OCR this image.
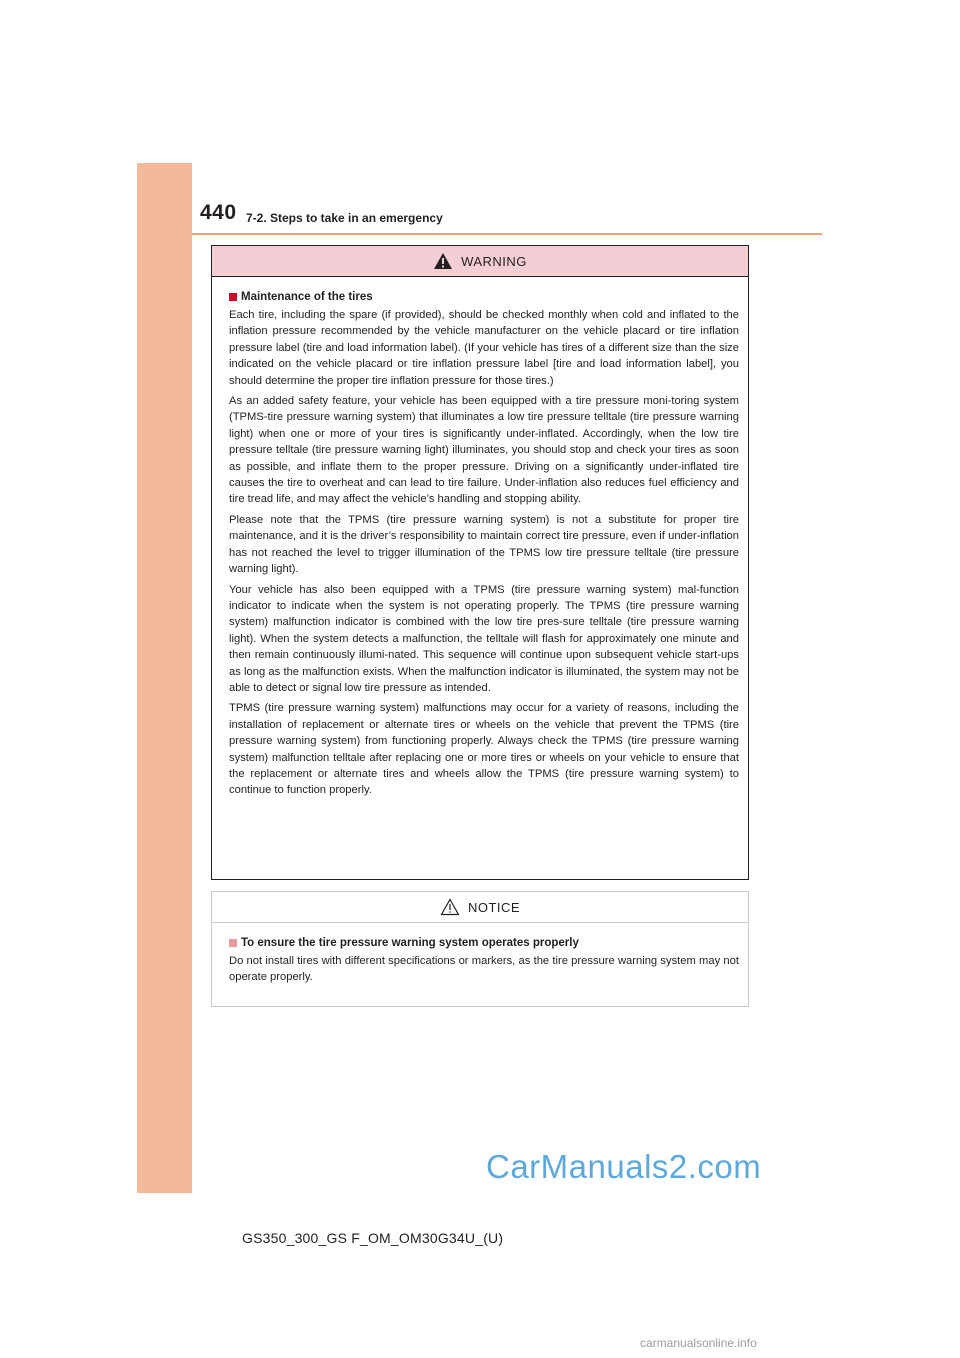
440 7-2. Steps to take in an emergency
WARNING
Maintenance of the tires

Each tire, including the spare (if provided), should be checked monthly when cold and inflated to the inflation pressure recommended by the vehicle manufacturer on the vehicle placard or tire inflation pressure label (tire and load information label). (If your vehicle has tires of a different size than the size indicated on the vehicle placard or tire inflation pressure label [tire and load information label], you should determine the proper tire inflation pressure for those tires.)

As an added safety feature, your vehicle has been equipped with a tire pressure moni-toring system (TPMS-tire pressure warning system) that illuminates a low tire pressure telltale (tire pressure warning light) when one or more of your tires is significantly under-inflated. Accordingly, when the low tire pressure telltale (tire pressure warning light) illuminates, you should stop and check your tires as soon as possible, and inflate them to the proper pressure. Driving on a significantly under-inflated tire causes the tire to overheat and can lead to tire failure. Under-inflation also reduces fuel efficiency and tire tread life, and may affect the vehicle’s handling and stopping ability.

Please note that the TPMS (tire pressure warning system) is not a substitute for proper tire maintenance, and it is the driver’s responsibility to maintain correct tire pressure, even if under-inflation has not reached the level to trigger illumination of the TPMS low tire pressure telltale (tire pressure warning light).

Your vehicle has also been equipped with a TPMS (tire pressure warning system) mal-function indicator to indicate when the system is not operating properly. The TPMS (tire pressure warning system) malfunction indicator is combined with the low tire pres-sure telltale (tire pressure warning light). When the system detects a malfunction, the telltale will flash for approximately one minute and then remain continuously illumi-nated. This sequence will continue upon subsequent vehicle start-ups as long as the malfunction exists. When the malfunction indicator is illuminated, the system may not be able to detect or signal low tire pressure as intended.

TPMS (tire pressure warning system) malfunctions may occur for a variety of reasons, including the installation of replacement or alternate tires or wheels on the vehicle that prevent the TPMS (tire pressure warning system) from functioning properly. Always check the TPMS (tire pressure warning system) malfunction telltale after replacing one or more tires or wheels on your vehicle to ensure that the replacement or alternate tires and wheels allow the TPMS (tire pressure warning system) to continue to function properly.

NOTICE
To ensure the tire pressure warning system operates properly

Do not install tires with different specifications or markers, as the tire pressure warning system may not operate properly.

GS350_300_GS F_OM_OM30G34U_(U)
CarManuals2.com
carmanualsonline.info
